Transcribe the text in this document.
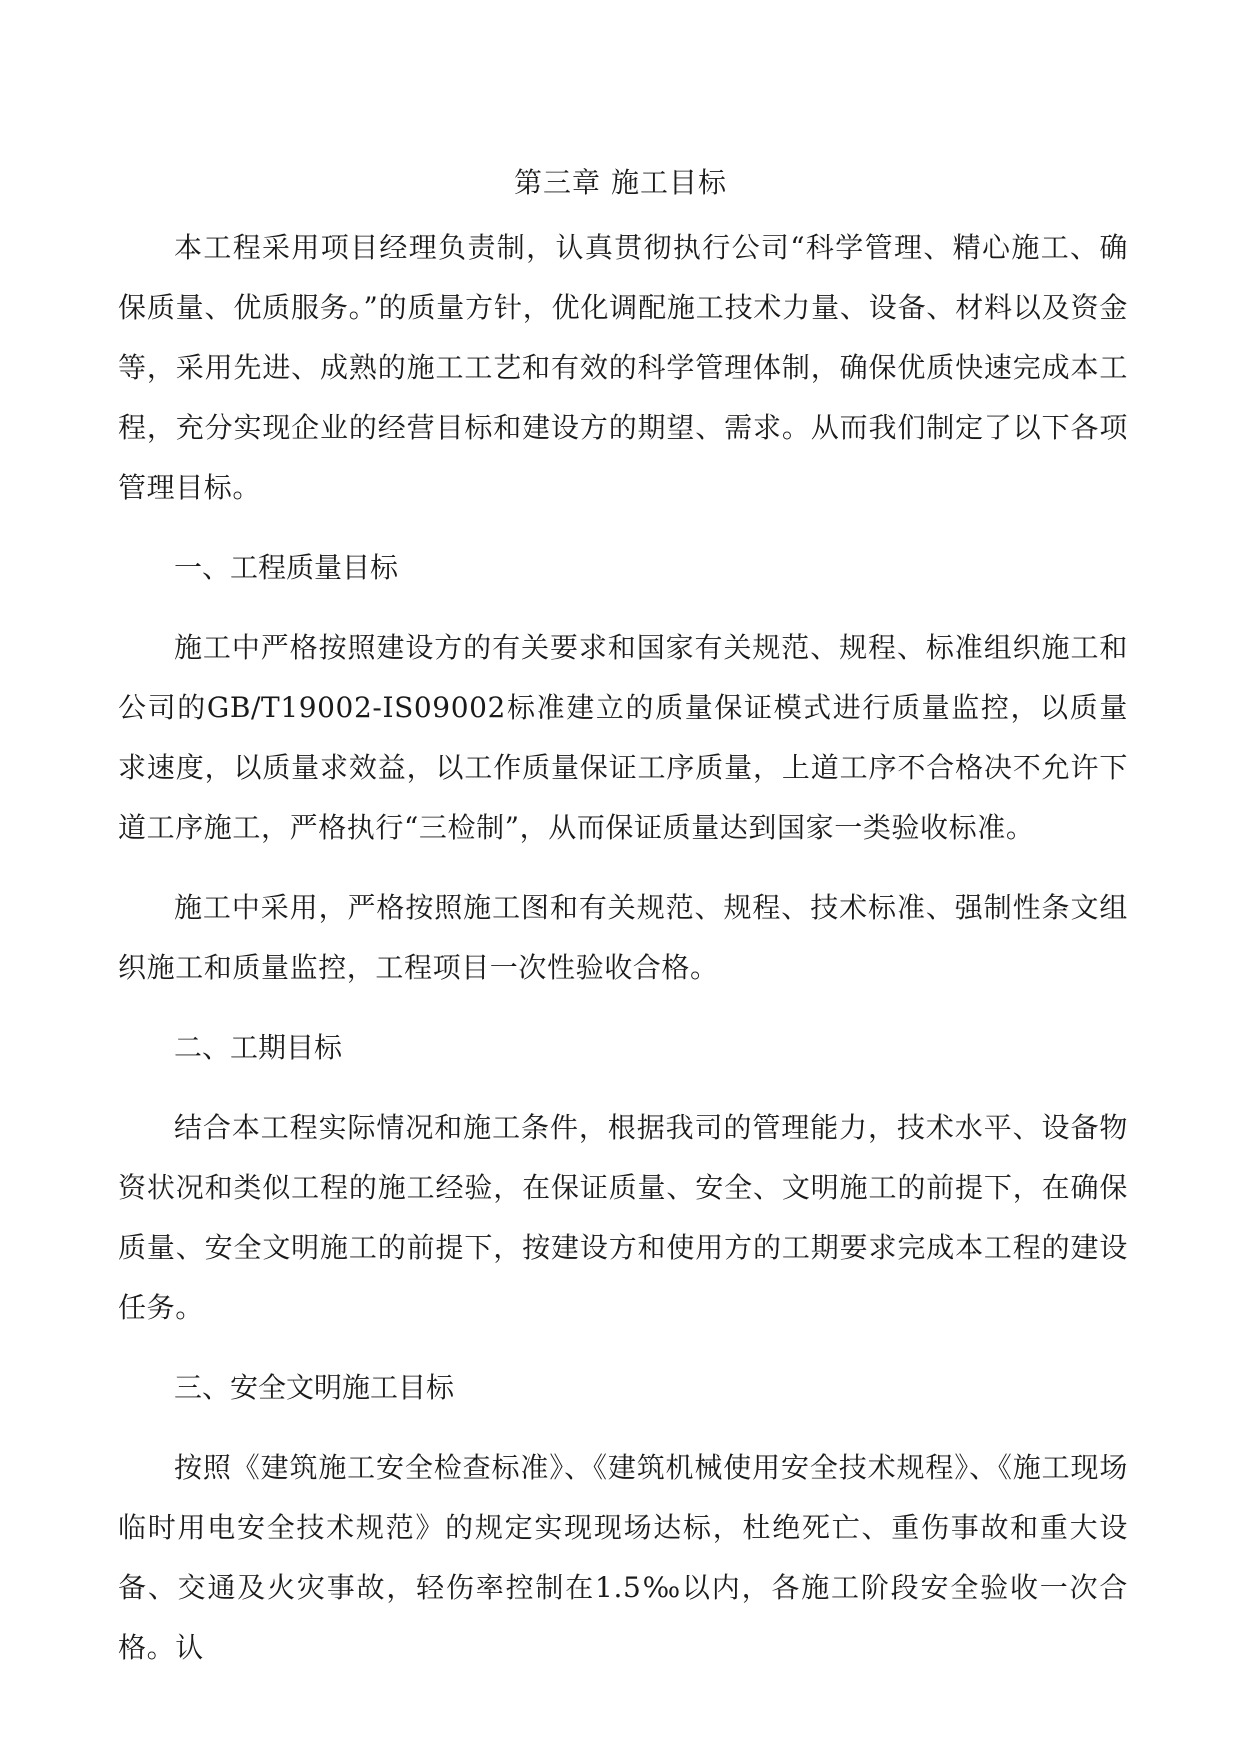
第三章 施工目标

本工程采用项目经理负责制，认真贯彻执行公司“科学管理、精心施工、确保质量、优质服务。”的质量方针，优化调配施工技术力量、设备、材料以及资金等，采用先进、成熟的施工工艺和有效的科学管理体制，确保优质快速完成本工程，充分实现企业的经营目标和建设方的期望、需求。从而我们制定了以下各项管理目标。

一、工程质量目标

施工中严格按照建设方的有关要求和国家有关规范、规程、标准组织施工和公司的GB/T19002-IS09002标准建立的质量保证模式进行质量监控，以质量求速度，以质量求效益，以工作质量保证工序质量，上道工序不合格决不允许下道工序施工，严格执行“三检制”，从而保证质量达到国家一类验收标准。

施工中采用，严格按照施工图和有关规范、规程、技术标准、强制性条文组织施工和质量监控，工程项目一次性验收合格。

二、工期目标

结合本工程实际情况和施工条件，根据我司的管理能力，技术水平、设备物资状况和类似工程的施工经验，在保证质量、安全、文明施工的前提下，在确保质量、安全文明施工的前提下，按建设方和使用方的工期要求完成本工程的建设任务。

三、安全文明施工目标

按照《建筑施工安全检查标准》、《建筑机械使用安全技术规程》、《施工现场临时用电安全技术规范》的规定实现现场达标，杜绝死亡、重伤事故和重大设备、交通及火灾事故，轻伤率控制在1.5‰以内，各施工阶段安全验收一次合格。认
